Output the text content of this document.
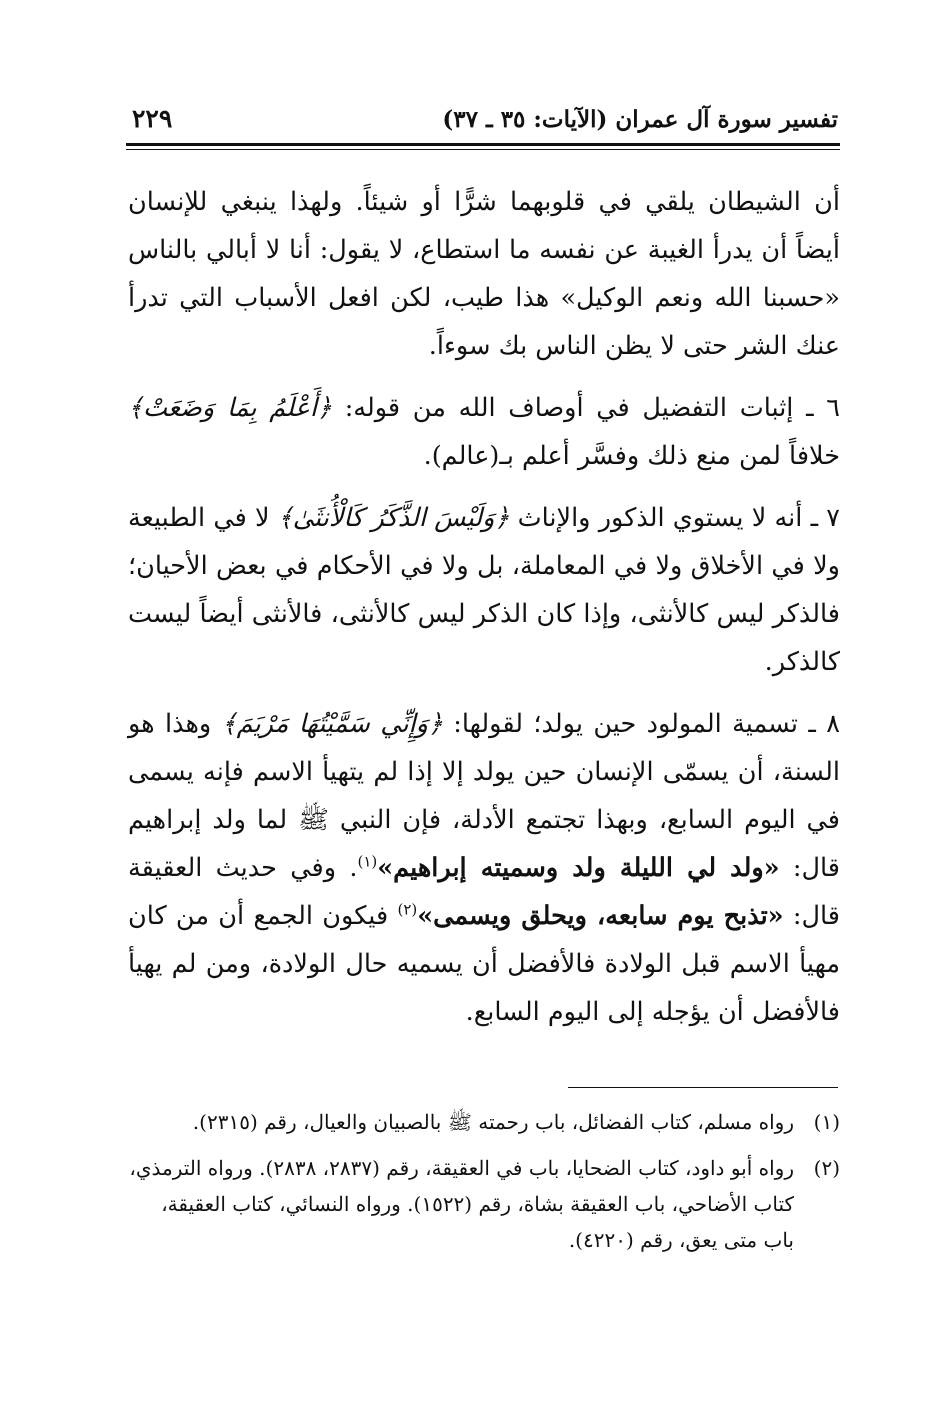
تفسير سورة آل عمران (الآيات: ٣٥ ـ ٣٧)
٢٢٩

أن الشيطان يلقي في قلوبهما شرًّا أو شيئاً. ولهذا ينبغي للإنسان أيضاً أن يدرأ الغيبة عن نفسه ما استطاع، لا يقول: أنا لا أبالي بالناس «حسبنا الله ونعم الوكيل» هذا طيب، لكن افعل الأسباب التي تدرأ عنك الشر حتى لا يظن الناس بك سوءاً.

٦ ـ إثبات التفضيل في أوصاف الله من قوله: ﴿أَعْلَمُ بِمَا وَضَعَتْ﴾ خلافاً لمن منع ذلك وفسَّر أعلم بـ(عالم).

٧ ـ أنه لا يستوي الذكور والإناث ﴿وَلَيْسَ الذَّكَرُ كَالْأُنثَىٰ﴾ لا في الطبيعة ولا في الأخلاق ولا في المعاملة، بل ولا في الأحكام في بعض الأحيان؛ فالذكر ليس كالأنثى، وإذا كان الذكر ليس كالأنثى، فالأنثى أيضاً ليست كالذكر.

٨ ـ تسمية المولود حين يولد؛ لقولها: ﴿وَإِنِّي سَمَّيْتُهَا مَرْيَمَ﴾ وهذا هو السنة، أن يسمّى الإنسان حين يولد إلا إذا لم يتهيأ الاسم فإنه يسمى في اليوم السابع، وبهذا تجتمع الأدلة، فإن النبي ﷺ لما ولد إبراهيم قال: «ولد لي الليلة ولد وسميته إبراهيم»$^{(١)}$. وفي حديث العقيقة قال: «تذبح يوم سابعه، ويحلق ويسمى»$^{(٢)}$ فيكون الجمع أن من كان مهيأ الاسم قبل الولادة فالأفضل أن يسميه حال الولادة، ومن لم يهيأ فالأفضل أن يؤجله إلى اليوم السابع.

(١)
رواه مسلم، كتاب الفضائل، باب رحمته ﷺ بالصبيان والعيال، رقم (٢٣١٥).
(٢)
رواه أبو داود، كتاب الضحايا، باب في العقيقة، رقم (٢٨٣٧، ٢٨٣٨). ورواه الترمذي، كتاب الأضاحي، باب العقيقة بشاة، رقم (١٥٢٢). ورواه النسائي، كتاب العقيقة، باب متى يعق، رقم (٤٢٢٠).
